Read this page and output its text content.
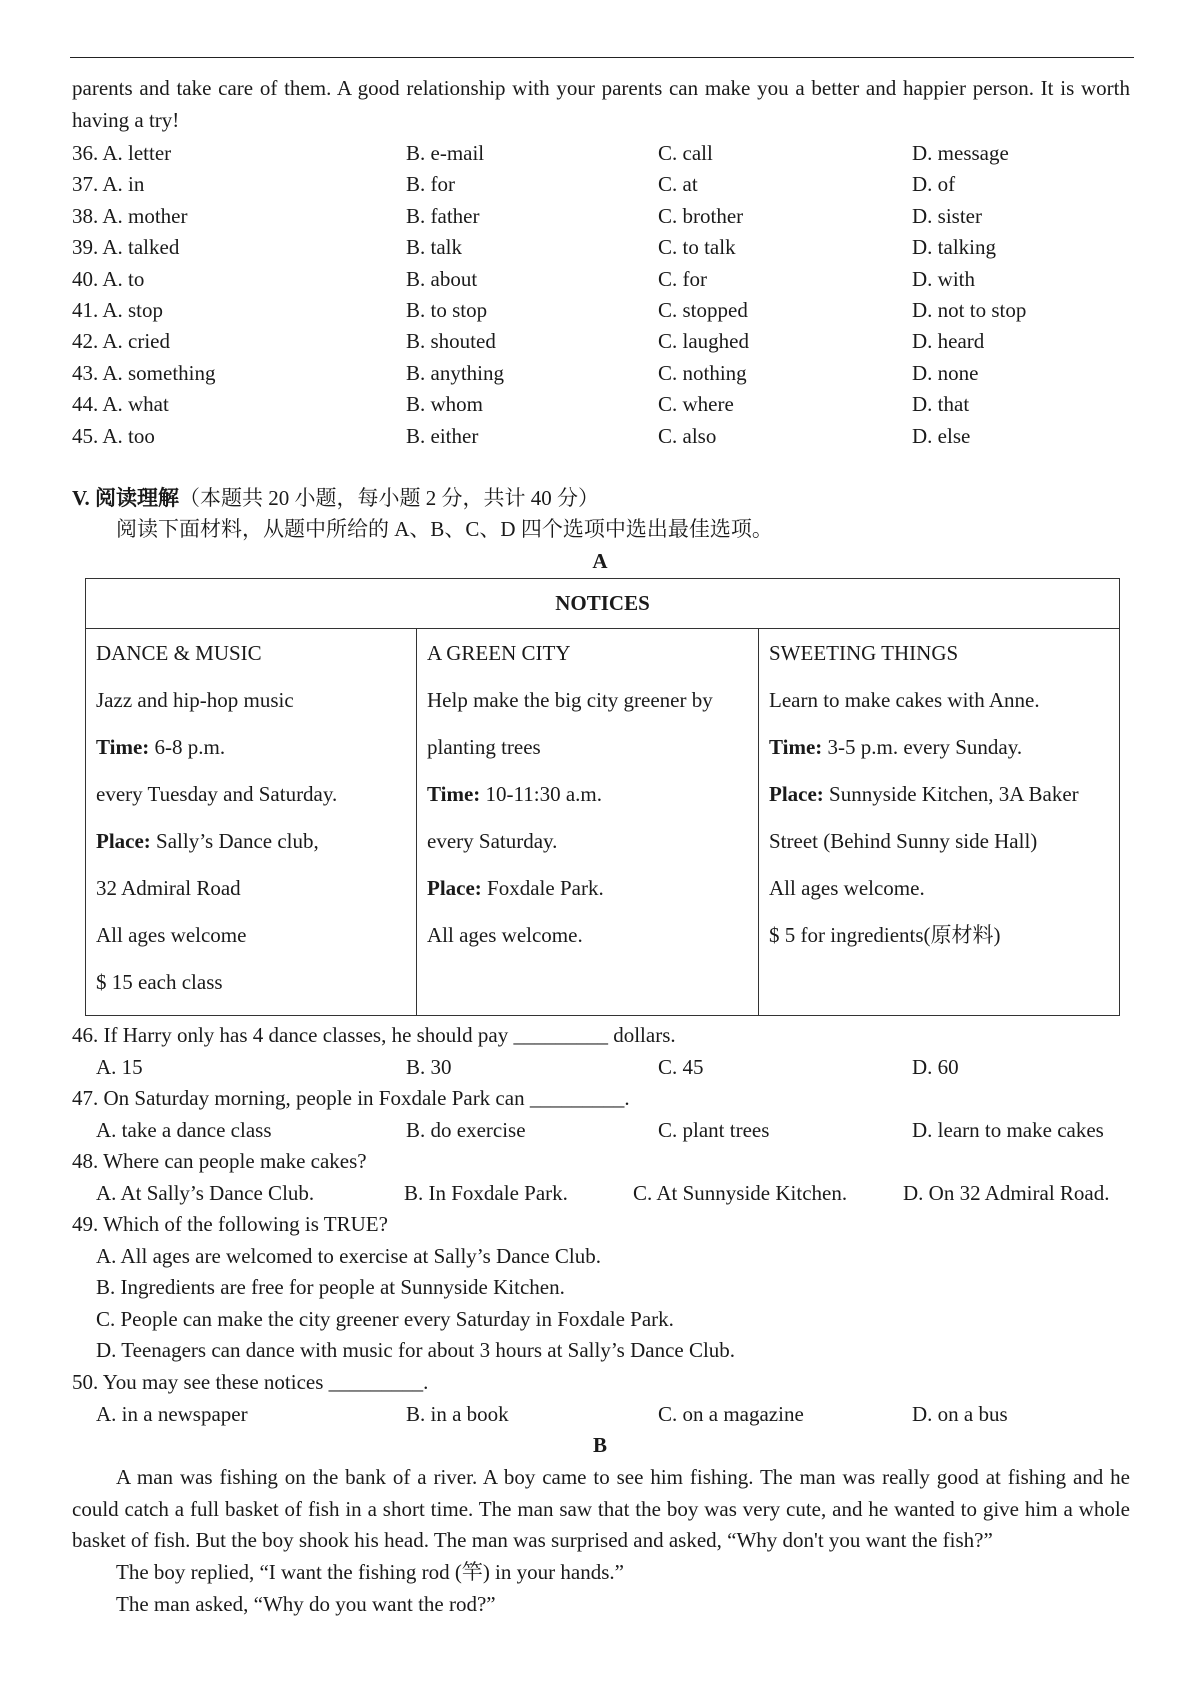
parents and take care of them. A good relationship with your parents can make you a better and happier person. It is worth having a try!
36. A. letter	B. e-mail	C. call	D. message
37. A. in	B. for	C. at	D. of
38. A. mother	B. father	C. brother	D. sister
39. A. talked	B. talk	C. to talk	D. talking
40. A. to	B. about	C. for	D. with
41. A. stop	B. to stop	C. stopped	D. not to stop
42. A. cried	B. shouted	C. laughed	D. heard
43. A. something	B. anything	C. nothing	D. none
44. A. what	B. whom	C. where	D. that
45. A. too	B. either	C. also	D. else
V. 阅读理解（本题共 20 小题，每小题 2 分，共计 40 分）
阅读下面材料，从题中所给的 A、B、C、D 四个选项中选出最佳选项。
A
NOTICES
DANCE & MUSIC
Jazz and hip-hop music
Time: 6-8 p.m.
every Tuesday and Saturday.
Place: Sally’s Dance club,
32 Admiral Road
All ages welcome
$ 15 each class
A GREEN CITY
Help make the big city greener by
planting trees
Time: 10-11:30 a.m.
every Saturday.
Place: Foxdale Park.
All ages welcome.
SWEETING THINGS
Learn to make cakes with Anne.
Time: 3-5 p.m. every Sunday.
Place: Sunnyside Kitchen, 3A Baker
Street (Behind Sunny side Hall)
All ages welcome.
$ 5 for ingredients(原材料)
46. If Harry only has 4 dance classes, he should pay _________ dollars.
A. 15	B. 30	C. 45	D. 60
47. On Saturday morning, people in Foxdale Park can _________.
A. take a dance class	B. do exercise	C. plant trees	D. learn to make cakes
48. Where can people make cakes?
A. At Sally’s Dance Club.	B. In Foxdale Park.	C. At Sunnyside Kitchen.	D. On 32 Admiral Road.
49. Which of the following is TRUE?
A. All ages are welcomed to exercise at Sally’s Dance Club.
B. Ingredients are free for people at Sunnyside Kitchen.
C. People can make the city greener every Saturday in Foxdale Park.
D. Teenagers can dance with music for about 3 hours at Sally’s Dance Club.
50. You may see these notices _________.
A. in a newspaper	B. in a book	C. on a magazine	D. on a bus
B
A man was fishing on the bank of a river. A boy came to see him fishing. The man was really good at fishing and he could catch a full basket of fish in a short time. The man saw that the boy was very cute, and he wanted to give him a whole basket of fish. But the boy shook his head. The man was surprised and asked, “Why don't you want the fish?”
The boy replied, “I want the fishing rod (竿) in your hands.”
The man asked, “Why do you want the rod?”
